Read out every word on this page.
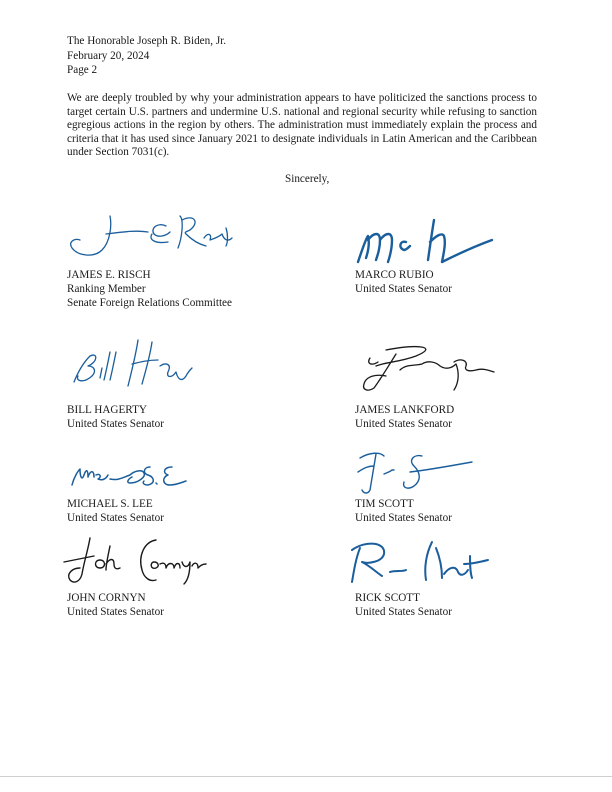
The Honorable Joseph R. Biden, Jr.
February 20, 2024
Page 2

We are deeply troubled by why your administration appears to have politicized the sanctions process to target certain U.S. partners and undermine U.S. national and regional security while refusing to sanction egregious actions in the region by others. The administration must immediately explain the process and criteria that it has used since January 2021 to designate individuals in Latin American and the Caribbean under Section 7031(c).

Sincerely,
JAMES E. RISCH
Ranking Member
Senate Foreign Relations Committee
MARCO RUBIO
United States Senator
BILL HAGERTY
United States Senator
JAMES LANKFORD
United States Senator
MICHAEL S. LEE
United States Senator
TIM SCOTT
United States Senator
JOHN CORNYN
United States Senator
RICK SCOTT
United States Senator
